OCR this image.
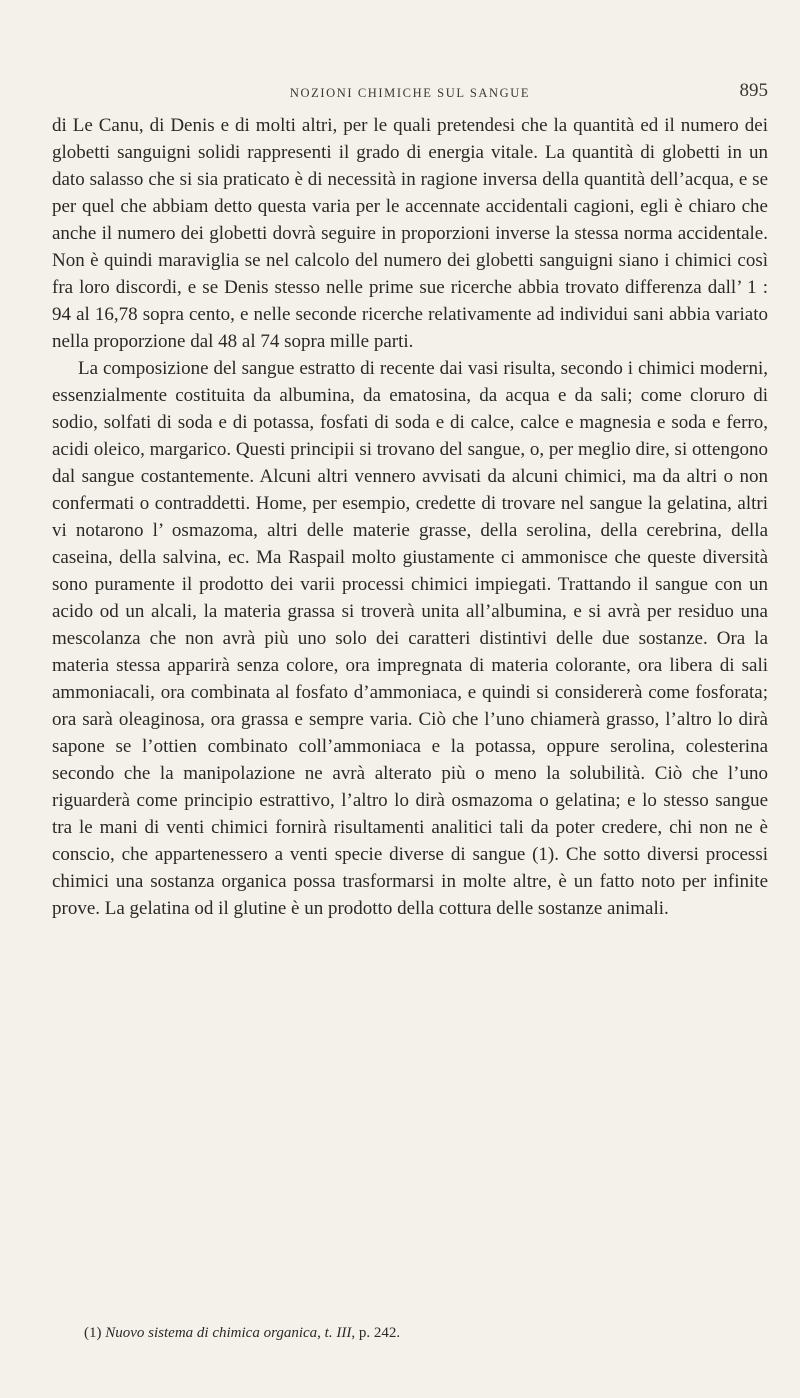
NOZIONI CHIMICHE SUL SANGUE	895

di Le Canu, di Denis e di molti altri, per le quali pretendesi che la quantità ed il numero dei globetti sanguigni solidi rappresenti il grado di energia vitale. La quantità di globetti in un dato salasso che si sia praticato è di necessità in ragione inversa della quantità dell’acqua, e se per quel che abbiam detto questa varia per le accennate accidentali cagioni, egli è chiaro che anche il numero dei globetti dovrà seguire in proporzioni inverse la stessa norma accidentale. Non è quindi maraviglia se nel calcolo del numero dei globetti sanguigni siano i chimici così fra loro discordi, e se Denis stesso nelle prime sue ricerche abbia trovato differenza dall’ 1 : 94 al 16,78 sopra cento, e nelle seconde ricerche relativamente ad individui sani abbia variato nella proporzione dal 48 al 74 sopra mille parti.

La composizione del sangue estratto di recente dai vasi risulta, secondo i chimici moderni, essenzialmente costituita da albumina, da ematosina, da acqua e da sali; come cloruro di sodio, solfati di soda e di potassa, fosfati di soda e di calce, calce e magnesia e soda e ferro, acidi oleico, margarico. Questi principii si trovano del sangue, o, per meglio dire, si ottengono dal sangue costantemente. Alcuni altri vennero avvisati da alcuni chimici, ma da altri o non confermati o contraddetti. Home, per esempio, credette di trovare nel sangue la gelatina, altri vi notarono l’ osmazoma, altri delle materie grasse, della serolina, della cerebrina, della caseina, della salvina, ec. Ma Raspail molto giustamente ci ammonisce che queste diversità sono puramente il prodotto dei varii processi chimici impiegati. Trattando il sangue con un acido od un alcali, la materia grassa si troverà unita all’albumina, e si avrà per residuo una mescolanza che non avrà più uno solo dei caratteri distintivi delle due sostanze. Ora la materia stessa apparirà senza colore, ora impregnata di materia colorante, ora libera di sali ammoniacali, ora combinata al fosfato d’ammoniaca, e quindi si considererà come fosforata; ora sarà oleaginosa, ora grassa e sempre varia. Ciò che l’uno chiamerà grasso, l’altro lo dirà sapone se l’ottien combinato coll’ammoniaca e la potassa, oppure serolina, colesterina secondo che la manipolazione ne avrà alterato più o meno la solubilità. Ciò che l’uno riguarderà come principio estrattivo, l’altro lo dirà osmazoma o gelatina; e lo stesso sangue tra le mani di venti chimici fornirà risultamenti analitici tali da poter credere, chi non ne è conscio, che appartenessero a venti specie diverse di sangue (1). Che sotto diversi processi chimici una sostanza organica possa trasformarsi in molte altre, è un fatto noto per infinite prove. La gelatina od il glutine è un prodotto della cottura delle sostanze animali.

(1) Nuovo sistema di chimica organica, t. III, p. 242.
